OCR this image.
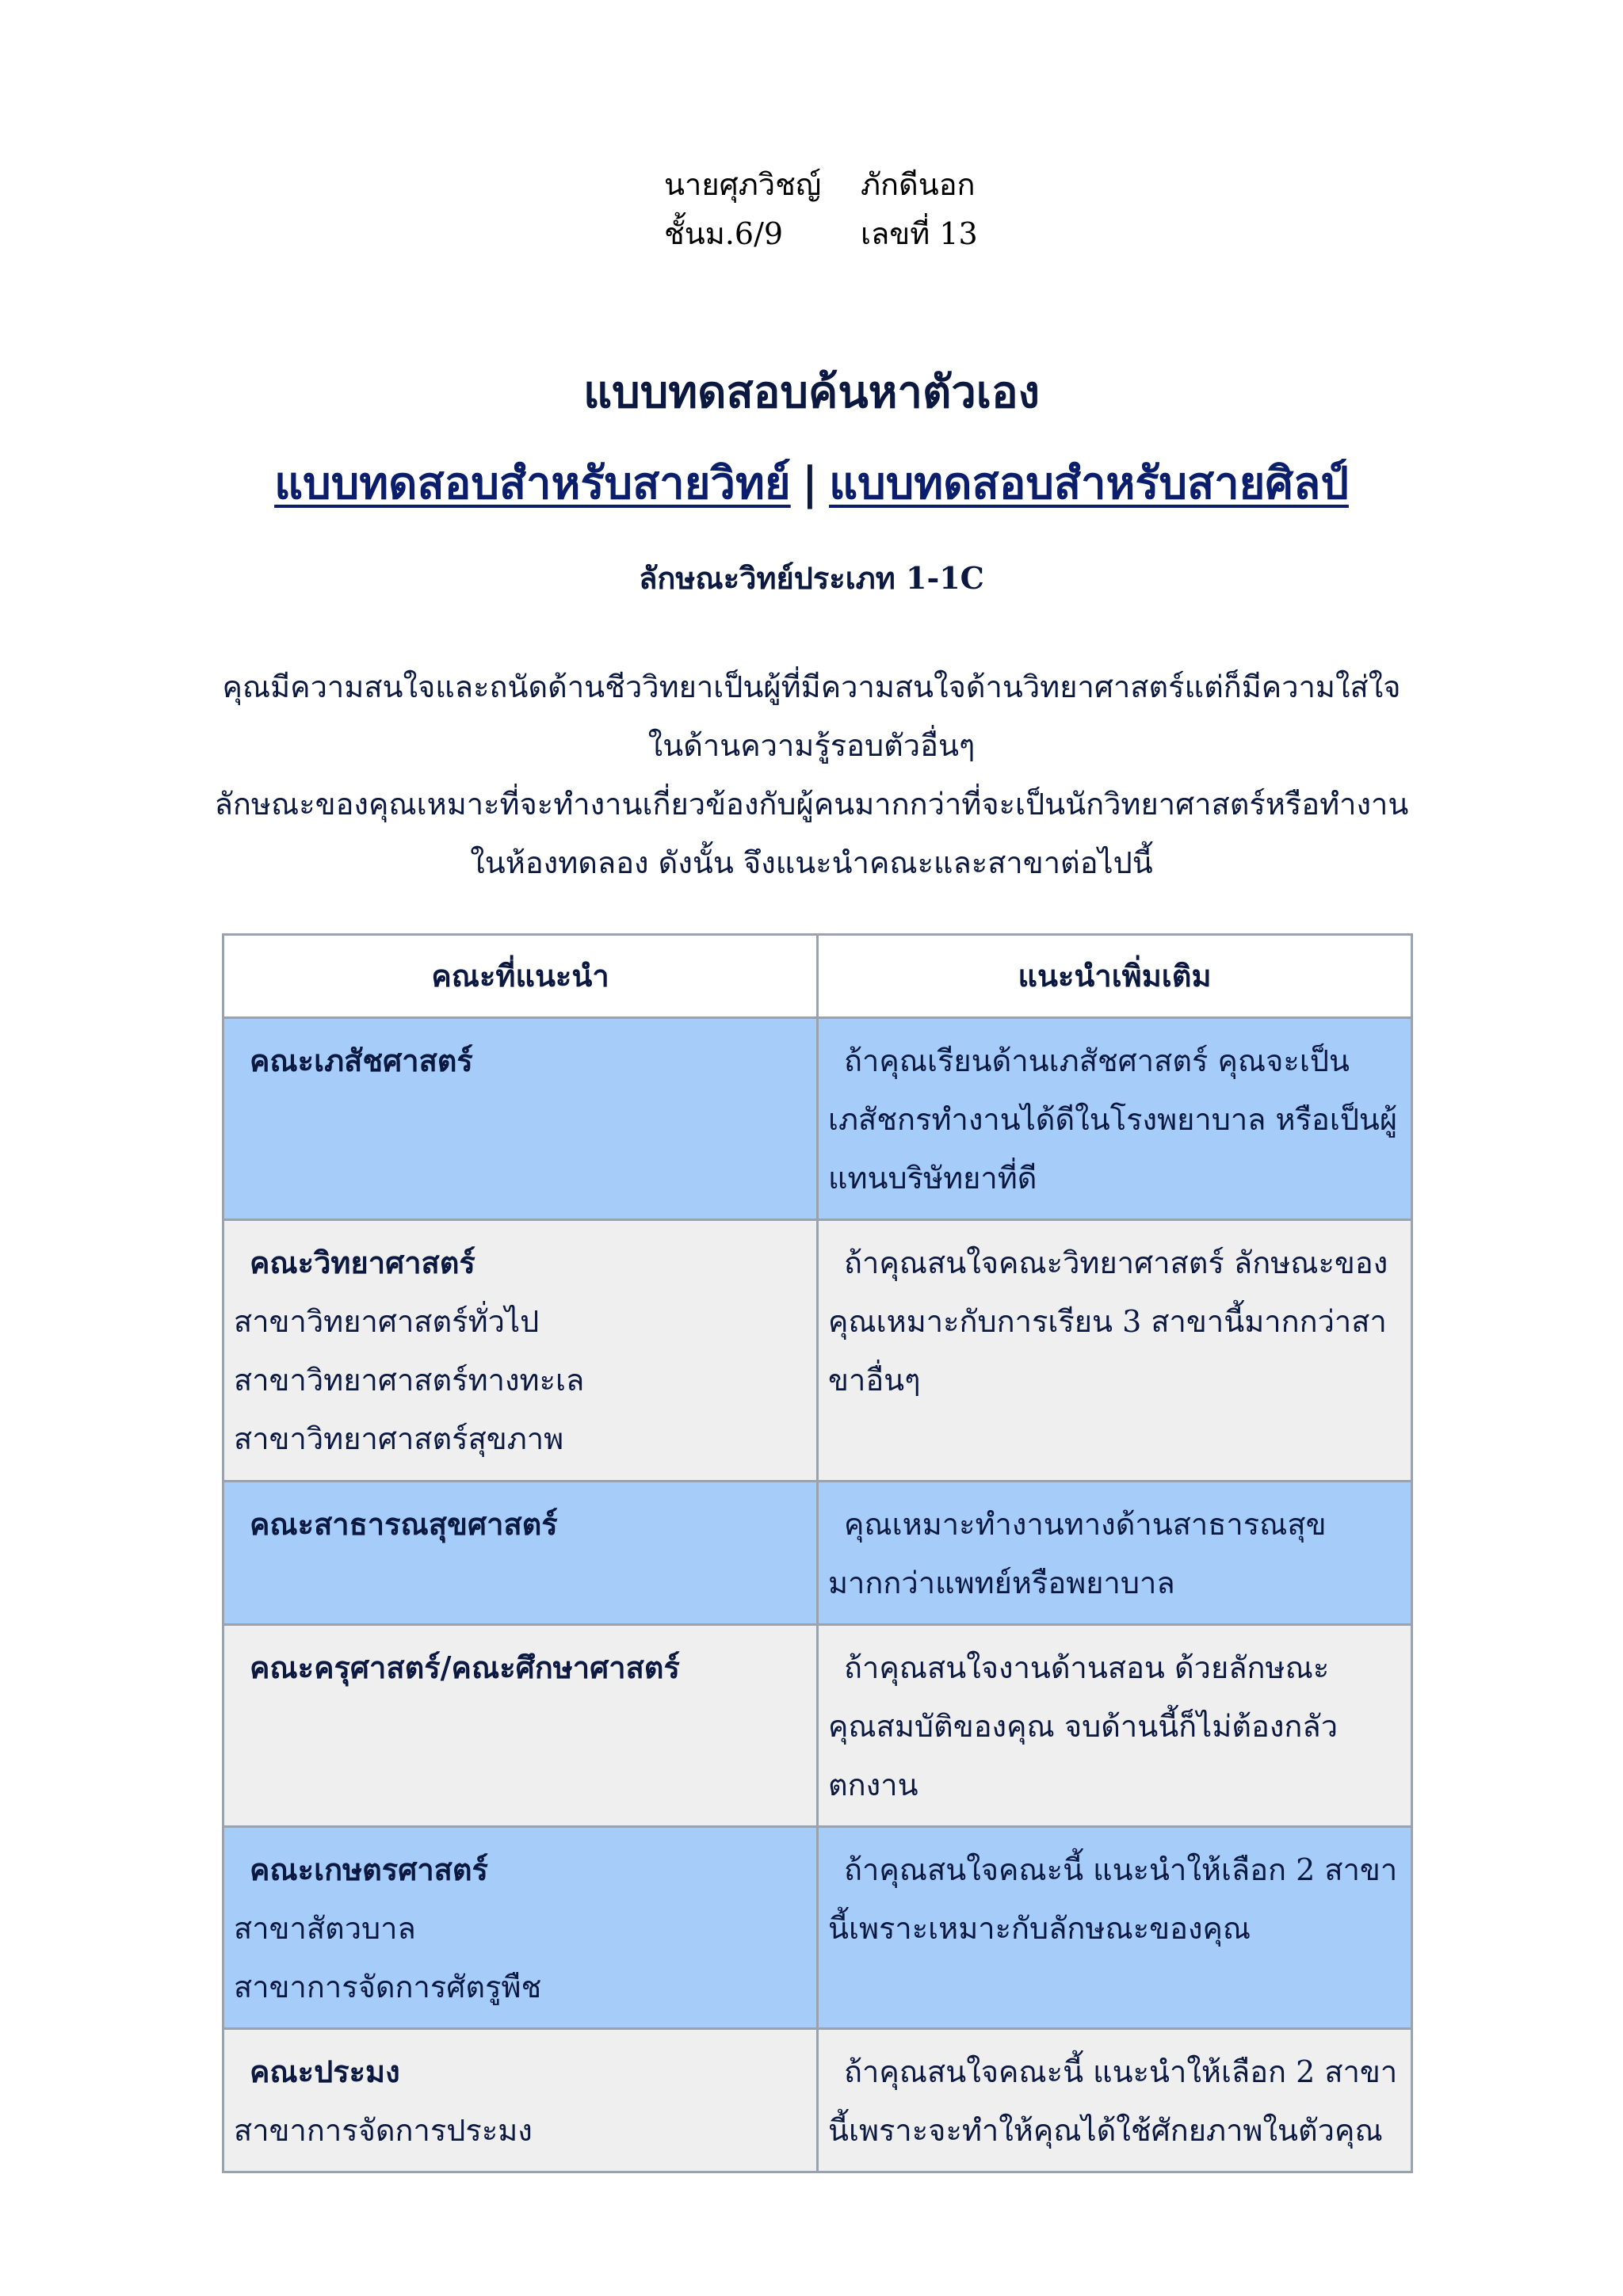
นายศุภวิชญ์	ภักดีนอก
ชั้นม.6/9	เลขที่ 13
แบบทดสอบค้นหาตัวเอง
แบบทดสอบสำหรับสายวิทย์ | แบบทดสอบสำหรับสายศิลป์
ลักษณะวิทย์ประเภท 1-1C

คุณมีความสนใจและถนัดด้านชีววิทยาเป็นผู้ที่มีความสนใจด้านวิทยาศาสตร์แต่ก็มีความใส่ใจในด้านความรู้รอบตัวอื่นๆ

ลักษณะของคุณเหมาะที่จะทำงานเกี่ยวข้องกับผู้คนมากกว่าที่จะเป็นนักวิทยาศาสตร์หรือทำงานในห้องทดลอง ดังนั้น จึงแนะนำคณะและสาขาต่อไปนี้

คณะที่แนะนำ	แนะนำเพิ่มเติม

คณะเภสัชศาสตร์	ถ้าคุณเรียนด้านเภสัชศาสตร์ คุณจะเป็นเภสัชกรทำงานได้ดีในโรงพยาบาล หรือเป็นผู้แทนบริษัทยาที่ดี

คณะวิทยาศาสตร์
สาขาวิทยาศาสตร์ทั่วไป
สาขาวิทยาศาสตร์ทางทะเล
สาขาวิทยาศาสตร์สุขภาพ	ถ้าคุณสนใจคณะวิทยาศาสตร์ ลักษณะของคุณเหมาะกับการเรียน 3 สาขานี้มากกว่าสาขาอื่นๆ

คณะสาธารณสุขศาสตร์	คุณเหมาะทำงานทางด้านสาธารณสุขมากกว่าแพทย์หรือพยาบาล

คณะครุศาสตร์/คณะศึกษาศาสตร์	ถ้าคุณสนใจงานด้านสอน ด้วยลักษณะคุณสมบัติของคุณ จบด้านนี้ก็ไม่ต้องกลัวตกงาน

คณะเกษตรศาสตร์
สาขาสัตวบาล
สาขาการจัดการศัตรูพืช	ถ้าคุณสนใจคณะนี้ แนะนำให้เลือก 2 สาขานี้เพราะเหมาะกับลักษณะของคุณ

คณะประมง
สาขาการจัดการประมง	ถ้าคุณสนใจคณะนี้ แนะนำให้เลือก 2 สาขานี้เพราะจะทำให้คุณได้ใช้ศักยภาพในตัวคุณ
